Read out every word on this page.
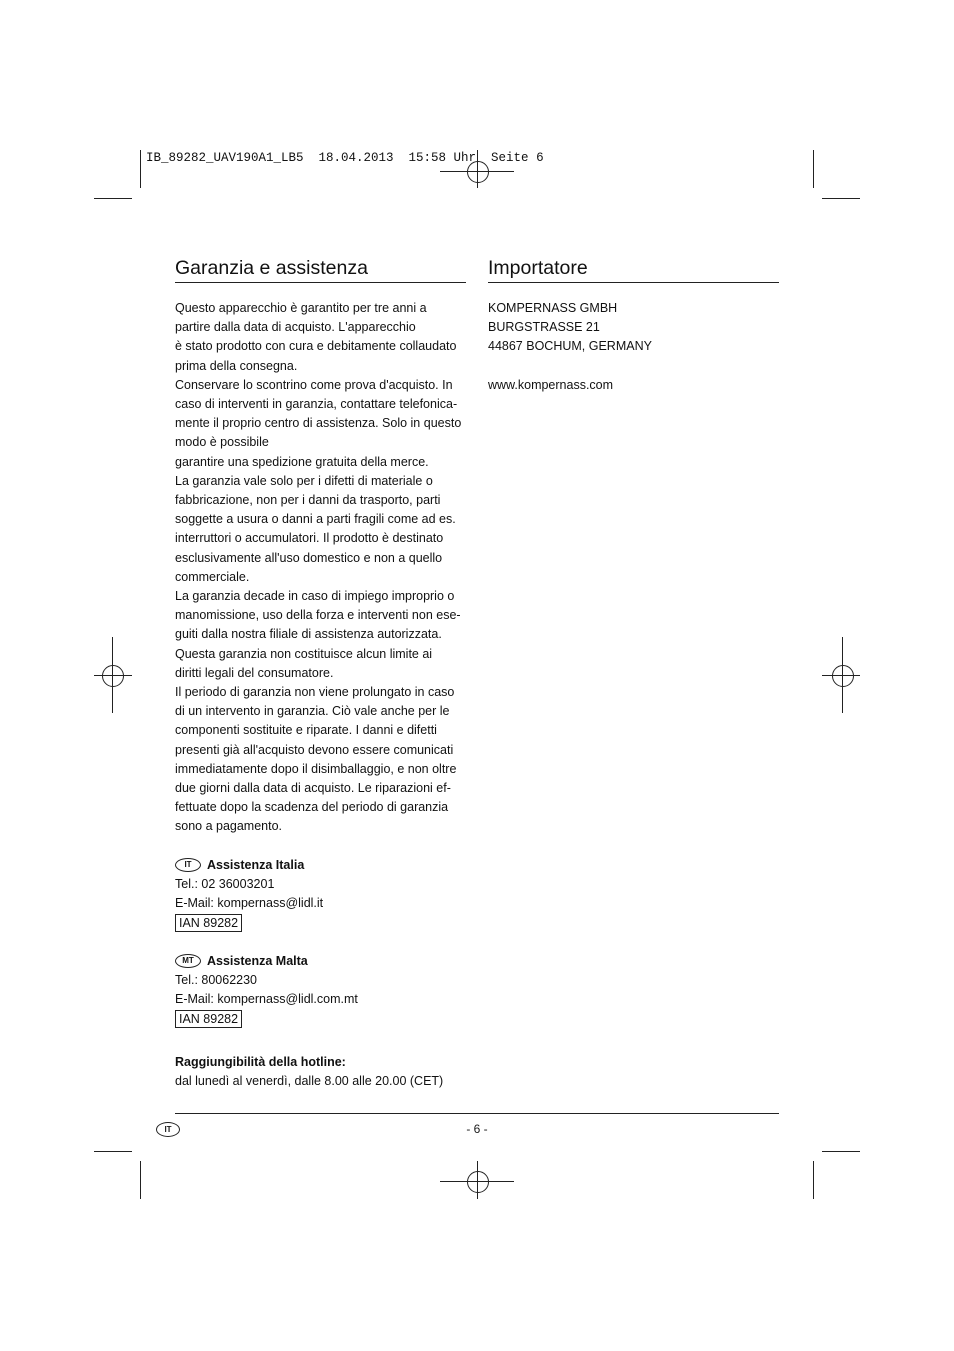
IB_89282_UAV190A1_LB5  18.04.2013  15:58 Uhr  Seite 6
Garanzia e assistenza

Questo apparecchio è garantito per tre anni a
partire dalla data di acquisto. L'apparecchio
è stato prodotto con cura e debitamente collaudato
prima della consegna.
Conservare lo scontrino come prova d'acquisto. In
caso di interventi in garanzia, contattare telefonica-
mente il proprio centro di assistenza. Solo in questo
modo è possibile
garantire una spedizione gratuita della merce.
La garanzia vale solo per i difetti di materiale o
fabbricazione, non per i danni da trasporto, parti
soggette a usura o danni a parti fragili come ad es.
interruttori o accumulatori. Il prodotto è destinato
esclusivamente all'uso domestico e non a quello
commerciale.
La garanzia decade in caso di impiego improprio o
manomissione, uso della forza e interventi non ese-
guiti dalla nostra filiale di assistenza autorizzata.
Questa garanzia non costituisce alcun limite ai
diritti legali del consumatore.
Il periodo di garanzia non viene prolungato in caso
di un intervento in garanzia. Ciò vale anche per le
componenti sostituite e riparate. I danni e difetti
presenti già all'acquisto devono essere comunicati
immediatamente dopo il disimballaggio, e non oltre
due giorni dalla data di acquisto. Le riparazioni ef-
fettuate dopo la scadenza del periodo di garanzia
sono a pagamento.

IT Assistenza Italia
Tel.: 02 36003201
E-Mail: kompernass@lidl.it
IAN 89282
MT Assistenza Malta
Tel.: 80062230
E-Mail: kompernass@lidl.com.mt
IAN 89282
Raggiungibilità della hotline:
dal lunedì al venerdì, dalle 8.00 alle 20.00 (CET)
Importatore
KOMPERNASS GMBH
BURGSTRASSE 21
44867 BOCHUM, GERMANY
www.kompernass.com
IT	- 6 -
